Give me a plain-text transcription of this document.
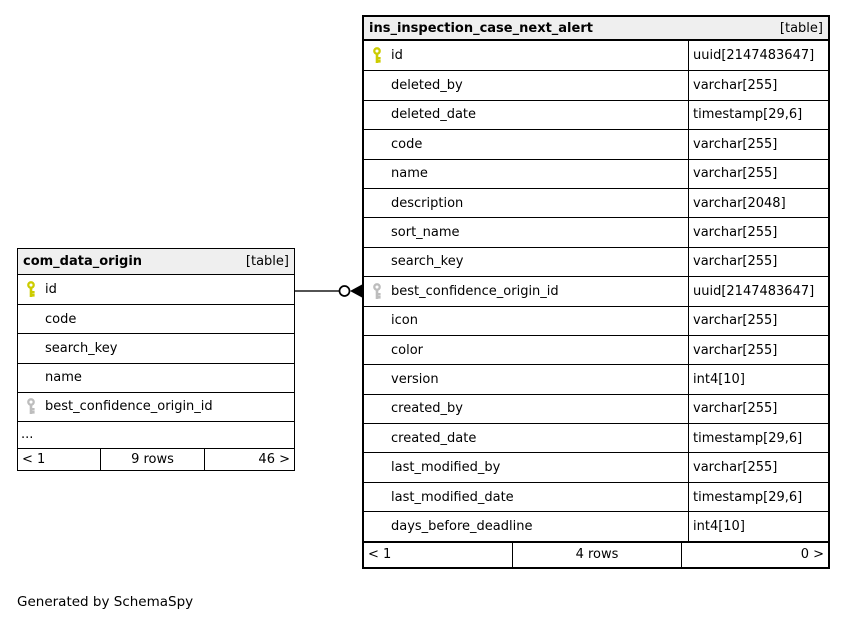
com_data_origin	[table]
id
code
search_key
name
best_confidence_origin_id
...
< 1	9 rows	46 >
ins_inspection_case_next_alert	[table]
id	uuid[2147483647]
deleted_by	varchar[255]
deleted_date	timestamp[29,6]
code	varchar[255]
name	varchar[255]
description	varchar[2048]
sort_name	varchar[255]
search_key	varchar[255]
best_confidence_origin_id	uuid[2147483647]
icon	varchar[255]
color	varchar[255]
version	int4[10]
created_by	varchar[255]
created_date	timestamp[29,6]
last_modified_by	varchar[255]
last_modified_date	timestamp[29,6]
days_before_deadline	int4[10]
< 1	4 rows	0 >
Generated by SchemaSpy
